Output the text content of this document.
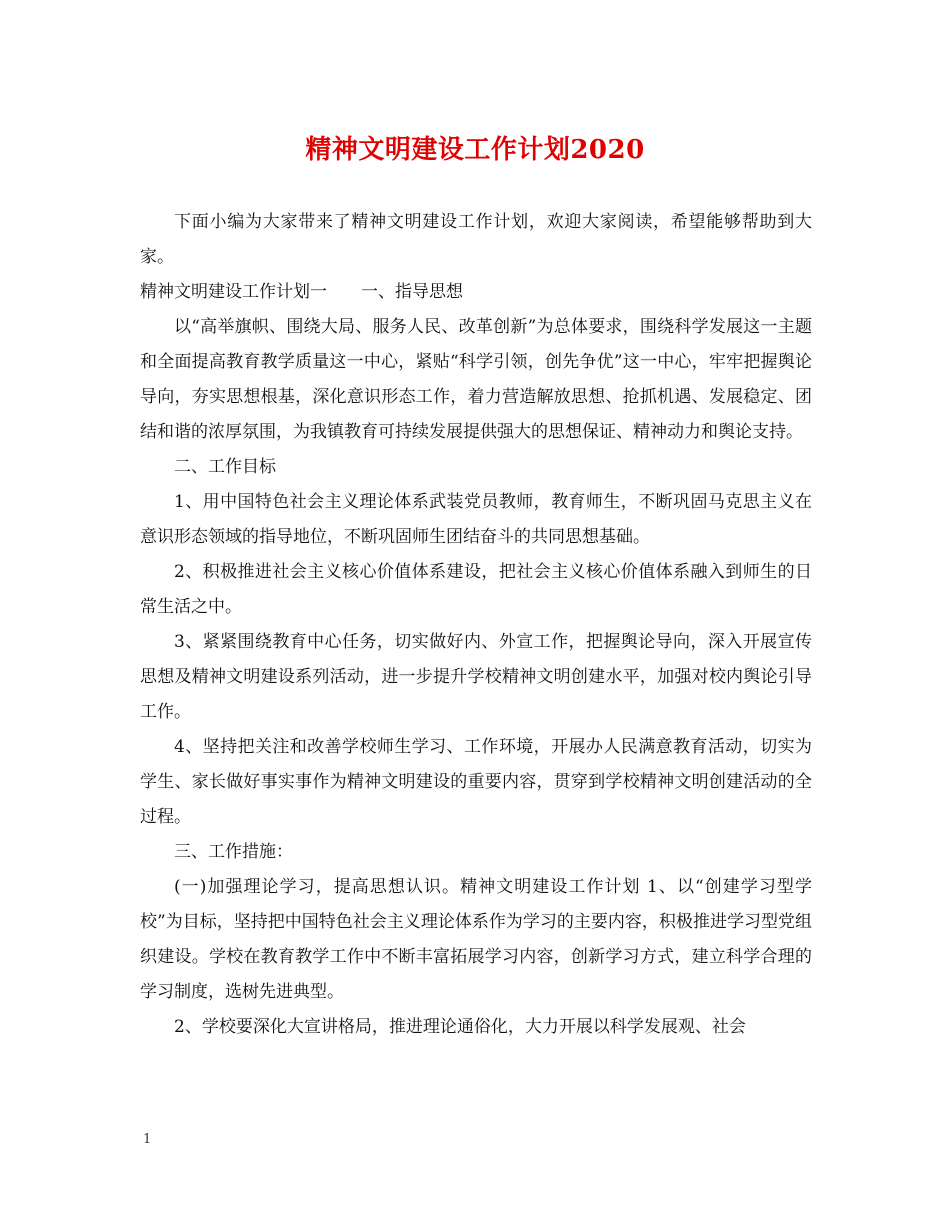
精神文明建设工作计划2020

下面小编为大家带来了精神文明建设工作计划，欢迎大家阅读，希望能够帮助到大家。

精神文明建设工作计划一　　一、指导思想

以“高举旗帜、围绕大局、服务人民、改革创新”为总体要求，围绕科学发展这一主题和全面提高教育教学质量这一中心，紧贴“科学引领，创先争优”这一中心，牢牢把握舆论导向，夯实思想根基，深化意识形态工作，着力营造解放思想、抢抓机遇、发展稳定、团结和谐的浓厚氛围，为我镇教育可持续发展提供强大的思想保证、精神动力和舆论支持。

二、工作目标

1、用中国特色社会主义理论体系武装党员教师，教育师生，不断巩固马克思主义在意识形态领域的指导地位，不断巩固师生团结奋斗的共同思想基础。

2、积极推进社会主义核心价值体系建设，把社会主义核心价值体系融入到师生的日常生活之中。

3、紧紧围绕教育中心任务，切实做好内、外宣工作，把握舆论导向，深入开展宣传思想及精神文明建设系列活动，进一步提升学校精神文明创建水平，加强对校内舆论引导工作。

4、坚持把关注和改善学校师生学习、工作环境，开展办人民满意教育活动，切实为学生、家长做好事实事作为精神文明建设的重要内容，贯穿到学校精神文明创建活动的全过程。

三、工作措施：

(一)加强理论学习，提高思想认识。精神文明建设工作计划 1、以“创建学习型学校”为目标，坚持把中国特色社会主义理论体系作为学习的主要内容，积极推进学习型党组织建设。学校在教育教学工作中不断丰富拓展学习内容，创新学习方式，建立科学合理的学习制度，选树先进典型。

2、学校要深化大宣讲格局，推进理论通俗化，大力开展以科学发展观、社会

1
